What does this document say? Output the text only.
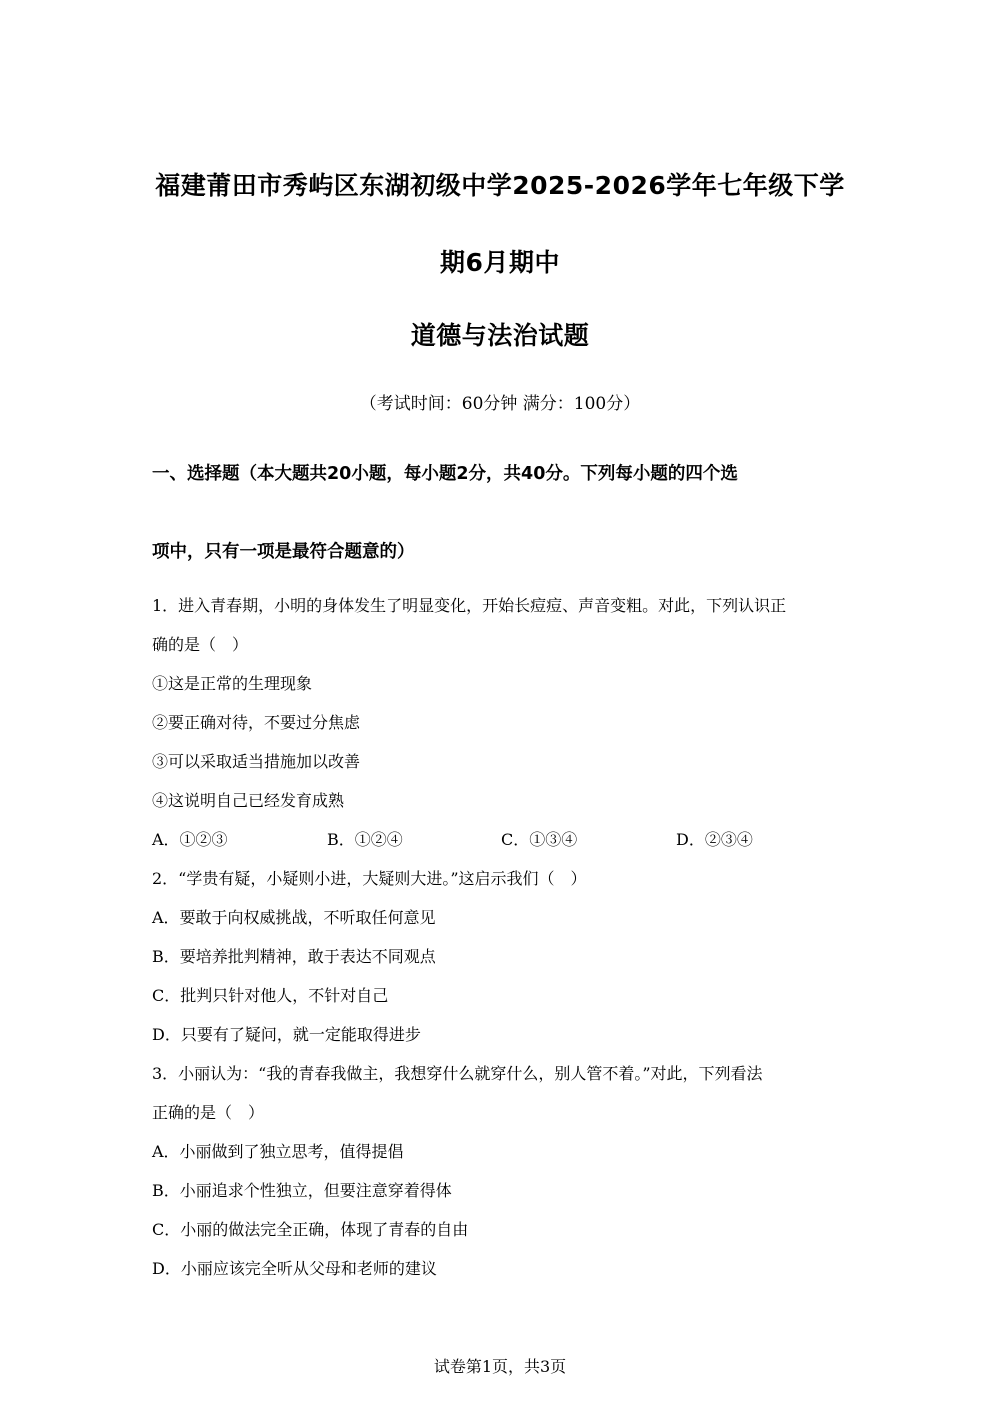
福建莆田市秀屿区东湖初级中学2025-2026学年七年级下学
期6月期中
道德与法治试题
（考试时间：60分钟 满分：100分）
一、选择题（本大题共20小题，每小题2分，共40分。下列每小题的四个选
项中，只有一项是最符合题意的）
1．进入青春期，小明的身体发生了明显变化，开始长痘痘、声音变粗。对此，下列认识正
确的是（　）
①这是正常的生理现象
②要正确对待，不要过分焦虑
③可以采取适当措施加以改善
④这说明自己已经发育成熟
A．①②③	B．①②④	C．①③④	D．②③④
2．“学贵有疑，小疑则小进，大疑则大进。”这启示我们（　）
A．要敢于向权威挑战，不听取任何意见
B．要培养批判精神，敢于表达不同观点
C．批判只针对他人，不针对自己
D．只要有了疑问，就一定能取得进步
3．小丽认为：“我的青春我做主，我想穿什么就穿什么，别人管不着。”对此，下列看法
正确的是（　）
A．小丽做到了独立思考，值得提倡
B．小丽追求个性独立，但要注意穿着得体
C．小丽的做法完全正确，体现了青春的自由
D．小丽应该完全听从父母和老师的建议
试卷第1页，共3页
